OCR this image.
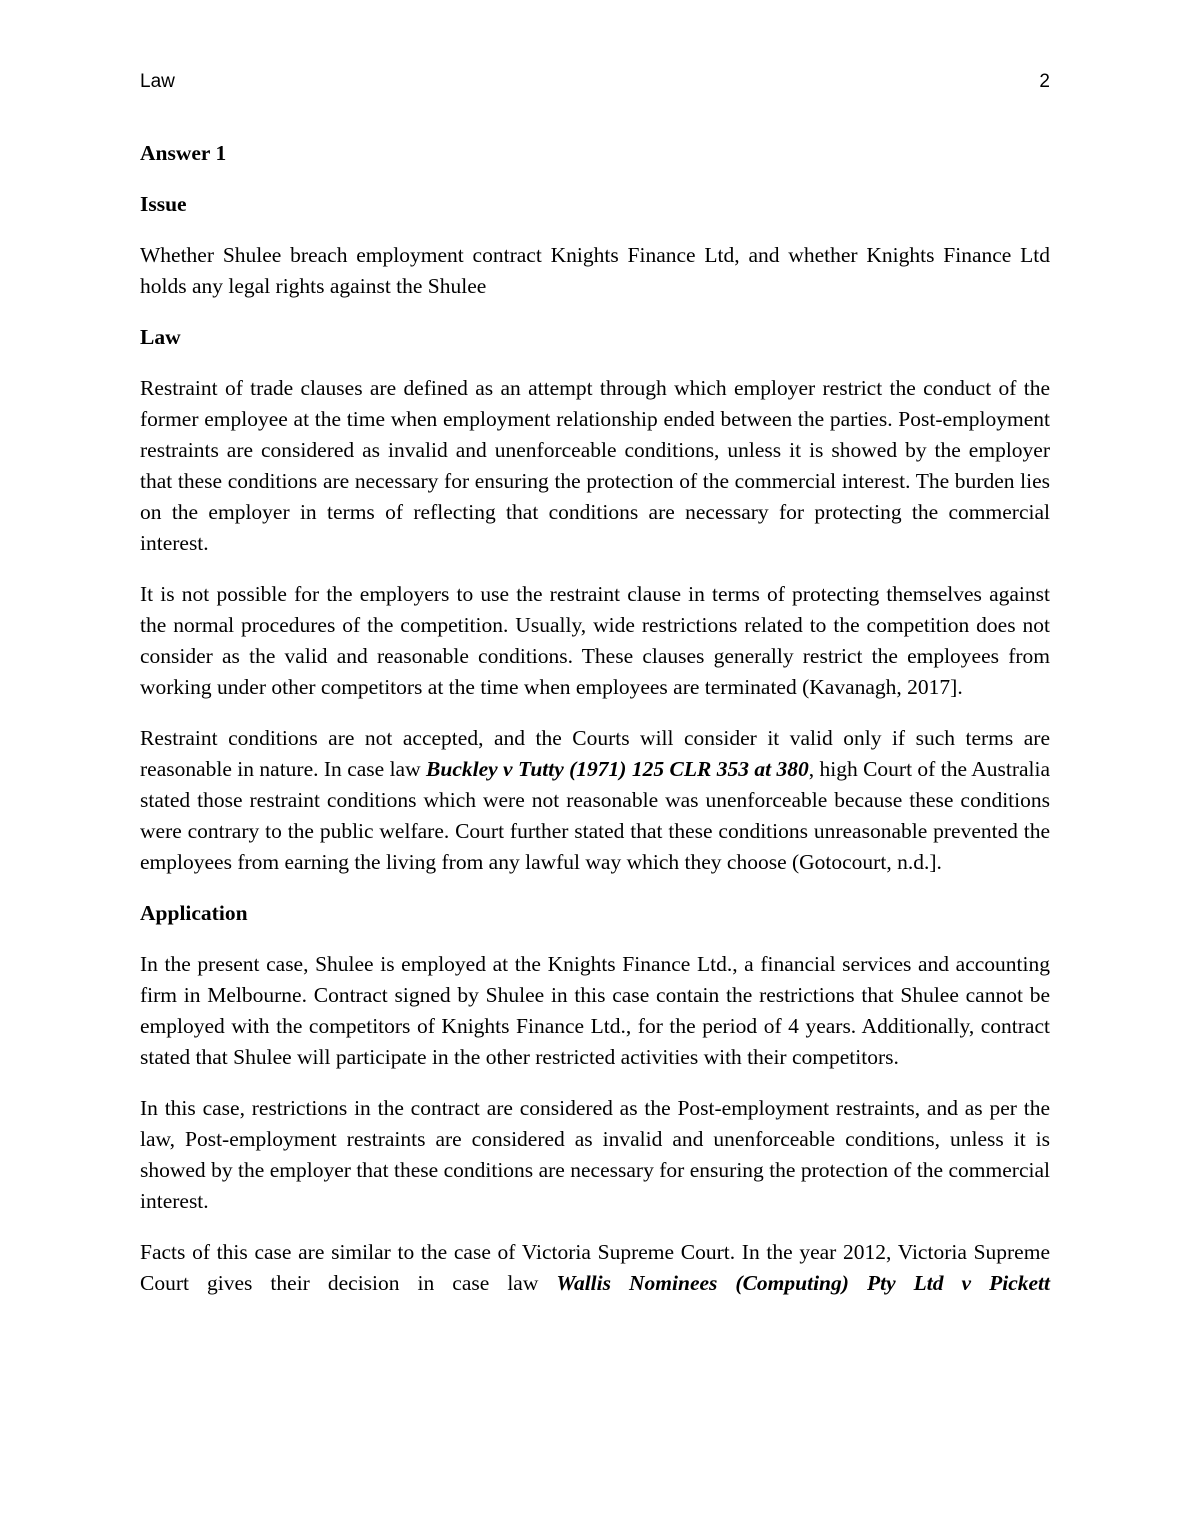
Law	2

Answer 1

Issue

Whether Shulee breach employment contract Knights Finance Ltd, and whether Knights Finance Ltd holds any legal rights against the Shulee

Law

Restraint of trade clauses are defined as an attempt through which employer restrict the conduct of the former employee at the time when employment relationship ended between the parties. Post-employment restraints are considered as invalid and unenforceable conditions, unless it is showed by the employer that these conditions are necessary for ensuring the protection of the commercial interest. The burden lies on the employer in terms of reflecting that conditions are necessary for protecting the commercial interest.

It is not possible for the employers to use the restraint clause in terms of protecting themselves against the normal procedures of the competition. Usually, wide restrictions related to the competition does not consider as the valid and reasonable conditions. These clauses generally restrict the employees from working under other competitors at the time when employees are terminated (Kavanagh, 2017].

Restraint conditions are not accepted, and the Courts will consider it valid only if such terms are reasonable in nature. In case law Buckley v Tutty (1971) 125 CLR 353 at 380, high Court of the Australia stated those restraint conditions which were not reasonable was unenforceable because these conditions were contrary to the public welfare. Court further stated that these conditions unreasonable prevented the employees from earning the living from any lawful way which they choose (Gotocourt, n.d.].

Application

In the present case, Shulee is employed at the Knights Finance Ltd., a financial services and accounting firm in Melbourne. Contract signed by Shulee in this case contain the restrictions that Shulee cannot be employed with the competitors of Knights Finance Ltd., for the period of 4 years. Additionally, contract stated that Shulee will participate in the other restricted activities with their competitors.

In this case, restrictions in the contract are considered as the Post-employment restraints, and as per the law, Post-employment restraints are considered as invalid and unenforceable conditions, unless it is showed by the employer that these conditions are necessary for ensuring the protection of the commercial interest.

Facts of this case are similar to the case of Victoria Supreme Court. In the year 2012, Victoria Supreme Court gives their decision in case law Wallis Nominees (Computing) Pty Ltd v Pickett
